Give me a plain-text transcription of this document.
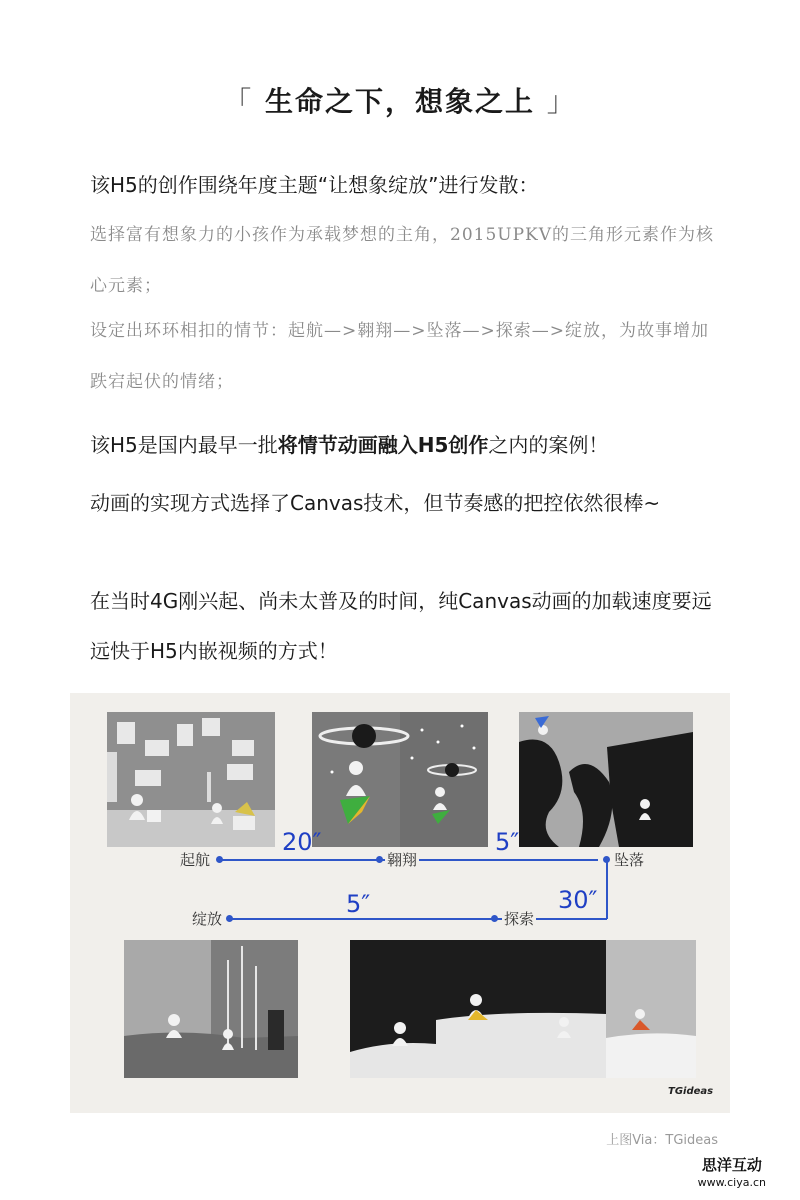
「 生命之下，想象之上 」

该H5的创作围绕年度主题“让想象绽放”进行发散：

选择富有想象力的小孩作为承载梦想的主角，2015UPKV的三角形元素作为核心元素；

设定出环环相扣的情节：起航—>翱翔—>坠落—>探索—>绽放，为故事增加跌宕起伏的情绪；

该H5是国内最早一批将情节动画融入H5创作之内的案例！

动画的实现方式选择了Canvas技术，但节奏感的把控依然很棒~

在当时4G刚兴起、尚未太普及的时间，纯Canvas动画的加载速度要远远快于H5内嵌视频的方式！

起航	翱翔	坠落
探索
绽放
20″	5″
30″
5″
TGideas
上图Via：TGideas
思洋互动
www.ciya.cn
